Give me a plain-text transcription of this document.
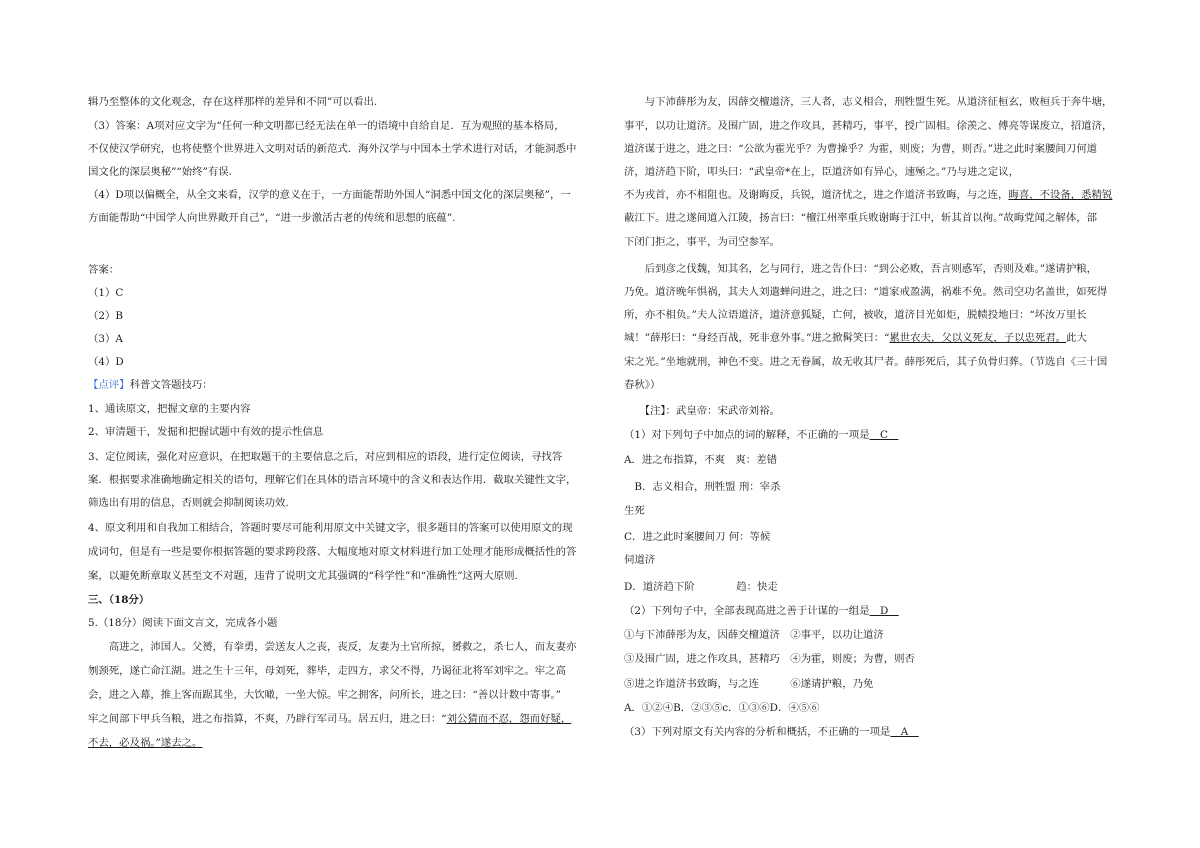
辑乃至整体的文化观念，存在这样那样的差异和不同”可以看出.
（3）答案：A项对应文字为“任何一种文明都已经无法在单一的语境中自给自足．互为观照的基本格局，
不仅使汉学研究，也将使整个世界进入文明对话的新范式．海外汉学与中国本土学术进行对话，才能洞悉中
国文化的深层奥秘”“始终”有误.
（4）D项以偏概全，从全文来看，汉学的意义在于，一方面能帮助外国人“洞悉中国文化的深层奥秘”，一
方面能帮助“中国学人向世界敞开自己”，“进一步激活古老的传统和思想的底蕴”.
答案：
（1）C
（2）B
（3）A
（4）D
【点评】科普文答题技巧：
1、通读原文，把握文章的主要内容
2、审清题干，发掘和把握试题中有效的提示性信息
3、定位阅读，强化对应意识，在把取题干的主要信息之后，对应到相应的语段，进行定位阅读，寻找答
案．根据要求准确地确定相关的语句，理解它们在具体的语言环境中的含义和表达作用．截取关键性文字，
筛选出有用的信息，否则就会抑制阅读功效.
4、原文利用和自我加工相结合，答题时要尽可能利用原文中关键文字，很多题目的答案可以使用原文的现
成词句，但是有一些是要你根据答题的要求跨段落、大幅度地对原文材料进行加工处理才能形成概括性的答
案，以避免断章取义甚至文不对题，违背了说明文尤其强调的“科学性”和“准确性”这两大原则.
三、（18分）
5.（18分）阅读下面文言文，完成各小题
　　高进之，沛国人。父赟，有拳勇，尝送友人之丧，丧反，友妻为土官所掠，赟救之，杀七人，而友妻亦
刎颈死，遂亡命江湖。进之生十三年，母刘死，葬毕，走四方，求父不得，乃谒征北将军刘牢之。牢之高
会，进之入幕，推上客而踞其坐，大饮噉，一坐大惊。牢之拥客，问所长，进之曰：“善以计数中寄事。”
牢之间部下甲兵刍粮，进之布指算，不爽，乃辟行军司马。居五归，进之曰：“刘公猜而不忍，怨而好疑，
不去，必及祸。”遂去之。
　　与下沛薛彤为友，因薛交檀道济，三人者，志义相合，刑牲盟生死。从道济征桓玄，败桓兵于奔牛塘，
事平，以功让道济。及围广固，进之作攻具，甚精巧，事平，授广固相。徐羡之、傅亮等谋废立，招道济，
道济谋于进之，进之曰：“公欲为霍光乎？为曹操乎？为霍，则废；为曹，则否。”进之此时案腰间刀何道
济，道济趋下阶，叩头曰：“武皇帝*在上，臣道济如有异心，速殛之。”乃与进之定议，
不为戎首，亦不相阻也。及谢晦反，兵锐，道济忧之，进之作道济书致晦，与之连，晦喜，不设备，悉精锐
蔽江下。进之遂间道入江陵，扬言曰：“檀江州率重兵败谢晦于江中，斩其首以徇。”故晦党闻之解体，部
下闭门拒之，事平，为司空参军。
　　后到彦之伐魏，知其名，乞与同行，进之告仆曰：“到公必败，吾言则惑军，否则及难。”遂请护粮，
乃免。道济晚年惧祸，其夫人刘遣蝉问进之，进之曰：“道家戒盈满，祸难不免。然司空功名盖世，如死得
所，亦不相负。”夫人泣语道济，道济意狐疑，亡何，被收，道济目光如炬，脱帻投地曰：“坏汝万里长
城！”薛彤曰：“身经百战，死非意外事。”进之掀髯笑曰：“累世农夫，父以义死友，子以忠死君。此大
宋之光。”坐地就刑，神色不变。进之无眷属，故无收其尸者。薛彤死后，其子负骨归葬。（节选自《三十国
春秋》）
　　【注】：武皇帝：宋武帝刘裕。
（1）对下列句子中加点的词的解释，不正确的一项是　C　
A．进之布指算，不爽　爽：差错
　B．志义相合，刑牲盟 刑：宰杀
生死
C．进之此时案腰间刀 何：等候
伺道济
D．道济趋下阶　　　　趋：快走
（2）下列句子中，全部表现高进之善于计谋的一组是　D　
①与下沛薛彤为友，因薛交檀道济　②事平，以功让道济
③及围广固，进之作攻具，甚精巧　④为霍，则废；为曹，则否
⑤进之诈道济书致晦，与之连　　　⑥遂请护粮，乃免
A．①②④B．②③⑤c．①③⑥D．④⑤⑥
（3）下列对原文有关内容的分析和概括，不正确的一项是　A　
